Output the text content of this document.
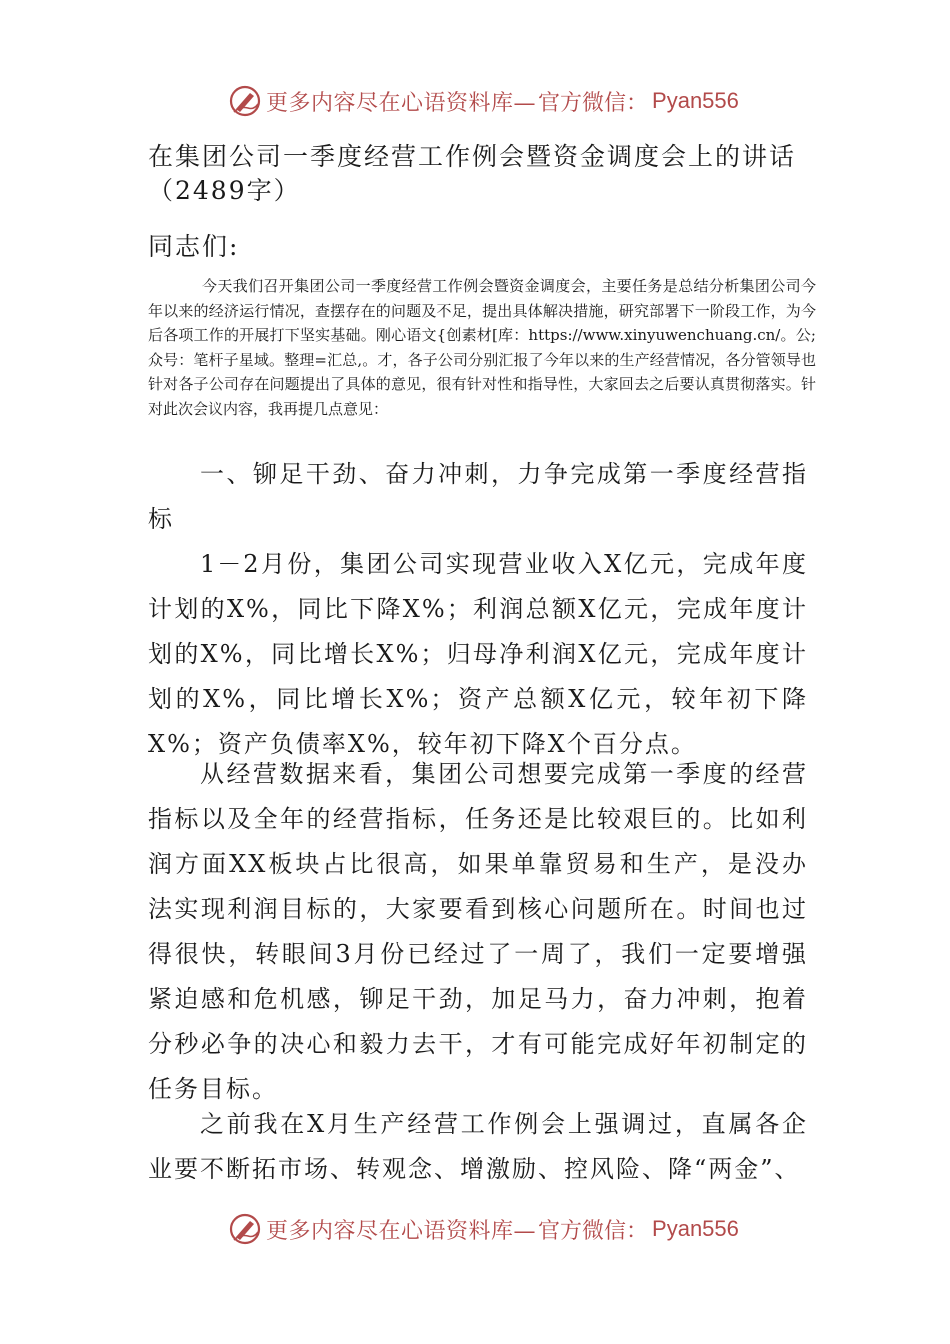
更多内容尽在心语资料库— 官方微信： Pyan556
在集团公司一季度经营工作例会暨资金调度会上的讲话（2489字）
同志们:

今天我们召开集团公司一季度经营工作例会暨资金调度会，主要任务是总结分析集团公司今年以来的经济运行情况，查摆存在的问题及不足，提出具体解决措施，研究部署下一阶段工作，为今后各项工作的开展打下坚实基础。刚心语文{创素材[库：https://www.xinyuwenchuang.cn/。公;众号：笔杆子星域。整理=汇总,。才，各子公司分别汇报了今年以来的生产经营情况，各分管领导也针对各子公司存在问题提出了具体的意见，很有针对性和指导性，大家回去之后要认真贯彻落实。针对此次会议内容，我再提几点意见：

一、铆足干劲、奋力冲刺，力争完成第一季度经营指标

1－2月份，集团公司实现营业收入X亿元，完成年度计划的X%，同比下降X%；利润总额X亿元，完成年度计划的X%，同比增长X%；归母净利润X亿元，完成年度计划的X%，同比增长X%；资产总额X亿元，较年初下降X%；资产负债率X%，较年初下降X个百分点。

从经营数据来看，集团公司想要完成第一季度的经营指标以及全年的经营指标，任务还是比较艰巨的。比如利润方面XX板块占比很高，如果单靠贸易和生产，是没办法实现利润目标的，大家要看到核心问题所在。时间也过得很快，转眼间3月份已经过了一周了，我们一定要增强紧迫感和危机感，铆足干劲，加足马力，奋力冲刺，抱着分秒必争的决心和毅力去干，才有可能完成好年初制定的任务目标。

之前我在X月生产经营工作例会上强调过，直属各企业要不断拓市场、转观念、增激励、控风险、降“两金”、

更多内容尽在心语资料库— 官方微信： Pyan556
